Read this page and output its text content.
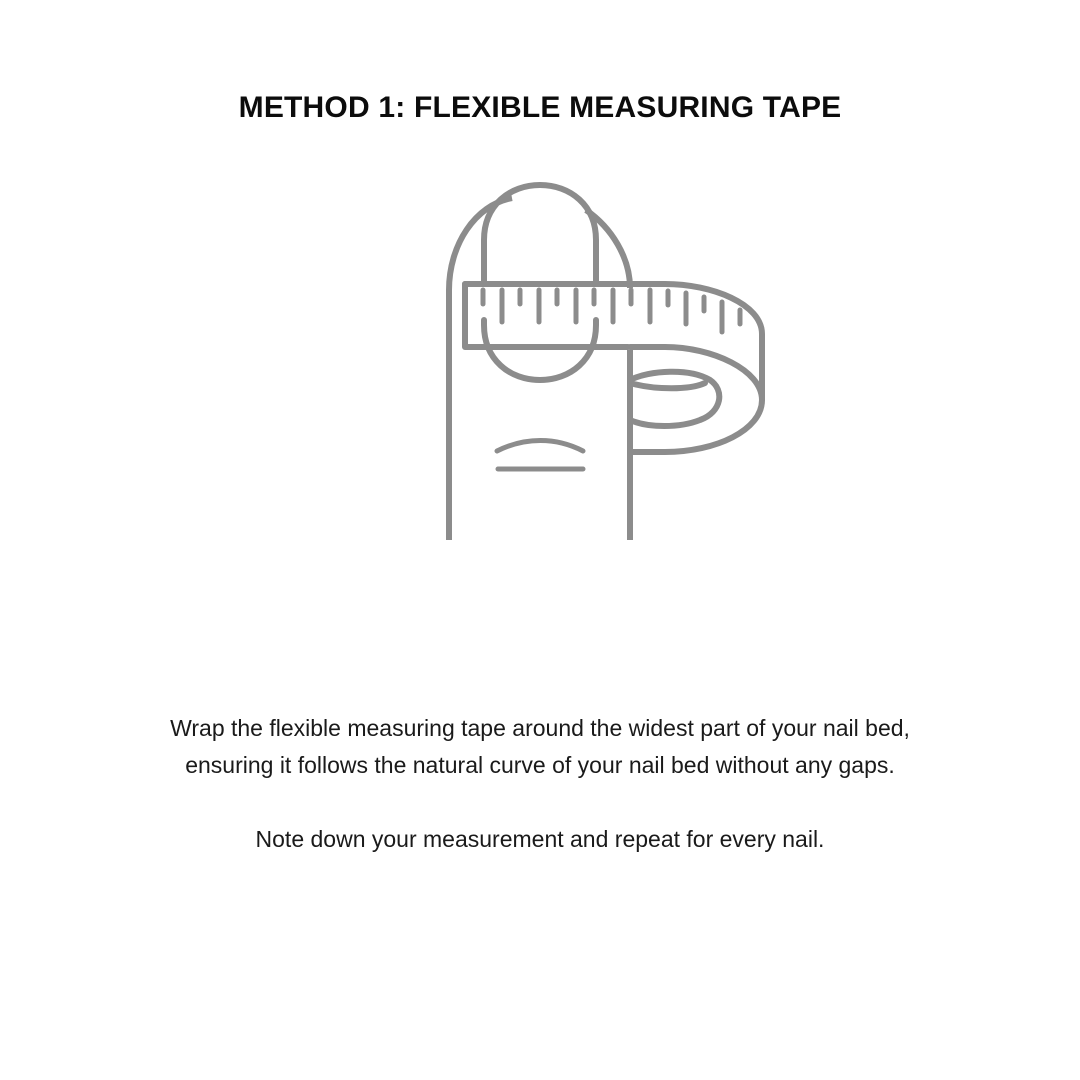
METHOD 1: FLEXIBLE MEASURING TAPE

Wrap the flexible measuring tape around the widest part of your nail bed,
ensuring it follows the natural curve of your nail bed without any gaps.

Note down your measurement and repeat for every nail.
